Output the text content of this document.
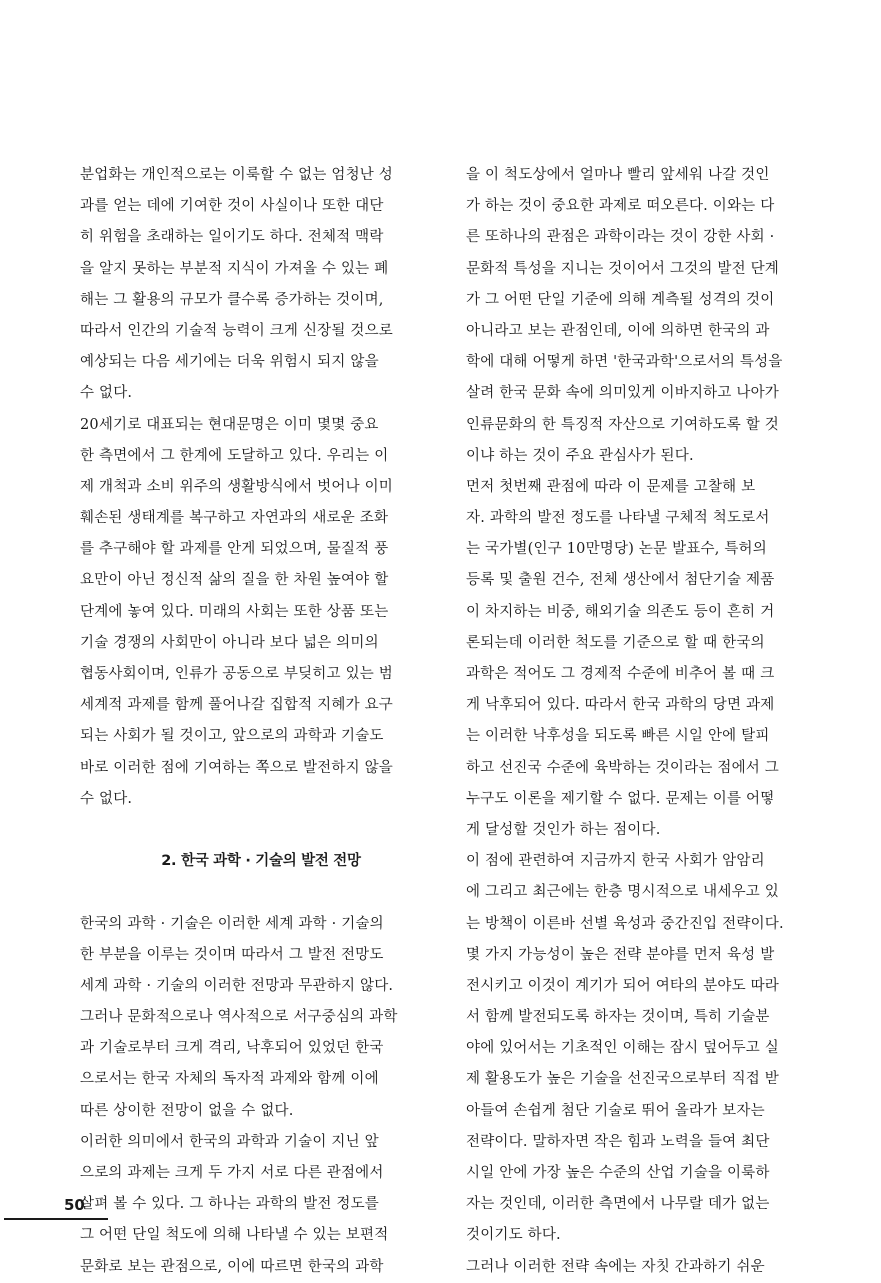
분업화는 개인적으로는 이룩할 수 없는 엄청난 성
과를 얻는 데에 기여한 것이 사실이나 또한 대단
히 위험을 초래하는 일이기도 하다. 전체적 맥락
을 알지 못하는 부분적 지식이 가져올 수 있는 폐
해는 그 활용의 규모가 클수록 증가하는 것이며,
따라서 인간의 기술적 능력이 크게 신장될 것으로
예상되는 다음 세기에는 더욱 위험시 되지 않을
수 없다.
20세기로 대표되는 현대문명은 이미 몇몇 중요
한 측면에서 그 한계에 도달하고 있다. 우리는 이
제 개척과 소비 위주의 생활방식에서 벗어나 이미
훼손된 생태계를 복구하고 자연과의 새로운 조화
를 추구해야 할 과제를 안게 되었으며, 물질적 풍
요만이 아닌 정신적 삶의 질을 한 차원 높여야 할
단계에 놓여 있다. 미래의 사회는 또한 상품 또는
기술 경쟁의 사회만이 아니라 보다 넓은 의미의
협동사회이며, 인류가 공동으로 부딪히고 있는 범
세계적 과제를 함께 풀어나갈 집합적 지혜가 요구
되는 사회가 될 것이고, 앞으로의 과학과 기술도
바로 이러한 점에 기여하는 쪽으로 발전하지 않을
수 없다.
2. 한국 과학 · 기술의 발전 전망
한국의 과학 · 기술은 이러한 세계 과학 · 기술의
한 부분을 이루는 것이며 따라서 그 발전 전망도
세계 과학 · 기술의 이러한 전망과 무관하지 않다.
그러나 문화적으로나 역사적으로 서구중심의 과학
과 기술로부터 크게 격리, 낙후되어 있었던 한국
으로서는 한국 자체의 독자적 과제와 함께 이에
따른 상이한 전망이 없을 수 없다.
이러한 의미에서 한국의 과학과 기술이 지닌 앞
으로의 과제는 크게 두 가지 서로 다른 관점에서
살펴 볼 수 있다. 그 하나는 과학의 발전 정도를
그 어떤 단일 척도에 의해 나타낼 수 있는 보편적
문화로 보는 관점으로, 이에 따르면 한국의 과학
을 이 척도상에서 얼마나 빨리 앞세워 나갈 것인
가 하는 것이 중요한 과제로 떠오른다. 이와는 다
른 또하나의 관점은 과학이라는 것이 강한 사회 ·
문화적 특성을 지니는 것이어서 그것의 발전 단계
가 그 어떤 단일 기준에 의해 계측될 성격의 것이
아니라고 보는 관점인데, 이에 의하면 한국의 과
학에 대해 어떻게 하면 '한국과학'으로서의 특성을
살려 한국 문화 속에 의미있게 이바지하고 나아가
인류문화의 한 특징적 자산으로 기여하도록 할 것
이냐 하는 것이 주요 관심사가 된다.
먼저 첫번째 관점에 따라 이 문제를 고찰해 보
자. 과학의 발전 정도를 나타낼 구체적 척도로서
는 국가별(인구 10만명당) 논문 발표수, 특허의
등록 및 출원 건수, 전체 생산에서 첨단기술 제품
이 차지하는 비중, 해외기술 의존도 등이 흔히 거
론되는데 이러한 척도를 기준으로 할 때 한국의
과학은 적어도 그 경제적 수준에 비추어 볼 때 크
게 낙후되어 있다. 따라서 한국 과학의 당면 과제
는 이러한 낙후성을 되도록 빠른 시일 안에 탈피
하고 선진국 수준에 육박하는 것이라는 점에서 그
누구도 이론을 제기할 수 없다. 문제는 이를 어떻
게 달성할 것인가 하는 점이다.
이 점에 관련하여 지금까지 한국 사회가 암암리
에 그리고 최근에는 한층 명시적으로 내세우고 있
는 방책이 이른바 선별 육성과 중간진입 전략이다.
몇 가지 가능성이 높은 전략 분야를 먼저 육성 발
전시키고 이것이 계기가 되어 여타의 분야도 따라
서 함께 발전되도록 하자는 것이며, 특히 기술분
야에 있어서는 기초적인 이해는 잠시 덮어두고 실
제 활용도가 높은 기술을 선진국으로부터 직접 받
아들여 손쉽게 첨단 기술로 뛰어 올라가 보자는
전략이다. 말하자면 작은 힘과 노력을 들여 최단
시일 안에 가장 높은 수준의 산업 기술을 이룩하
자는 것인데, 이러한 측면에서 나무랄 데가 없는
것이기도 하다.
그러나 이러한 전략 속에는 자칫 간과하기 쉬운
50
